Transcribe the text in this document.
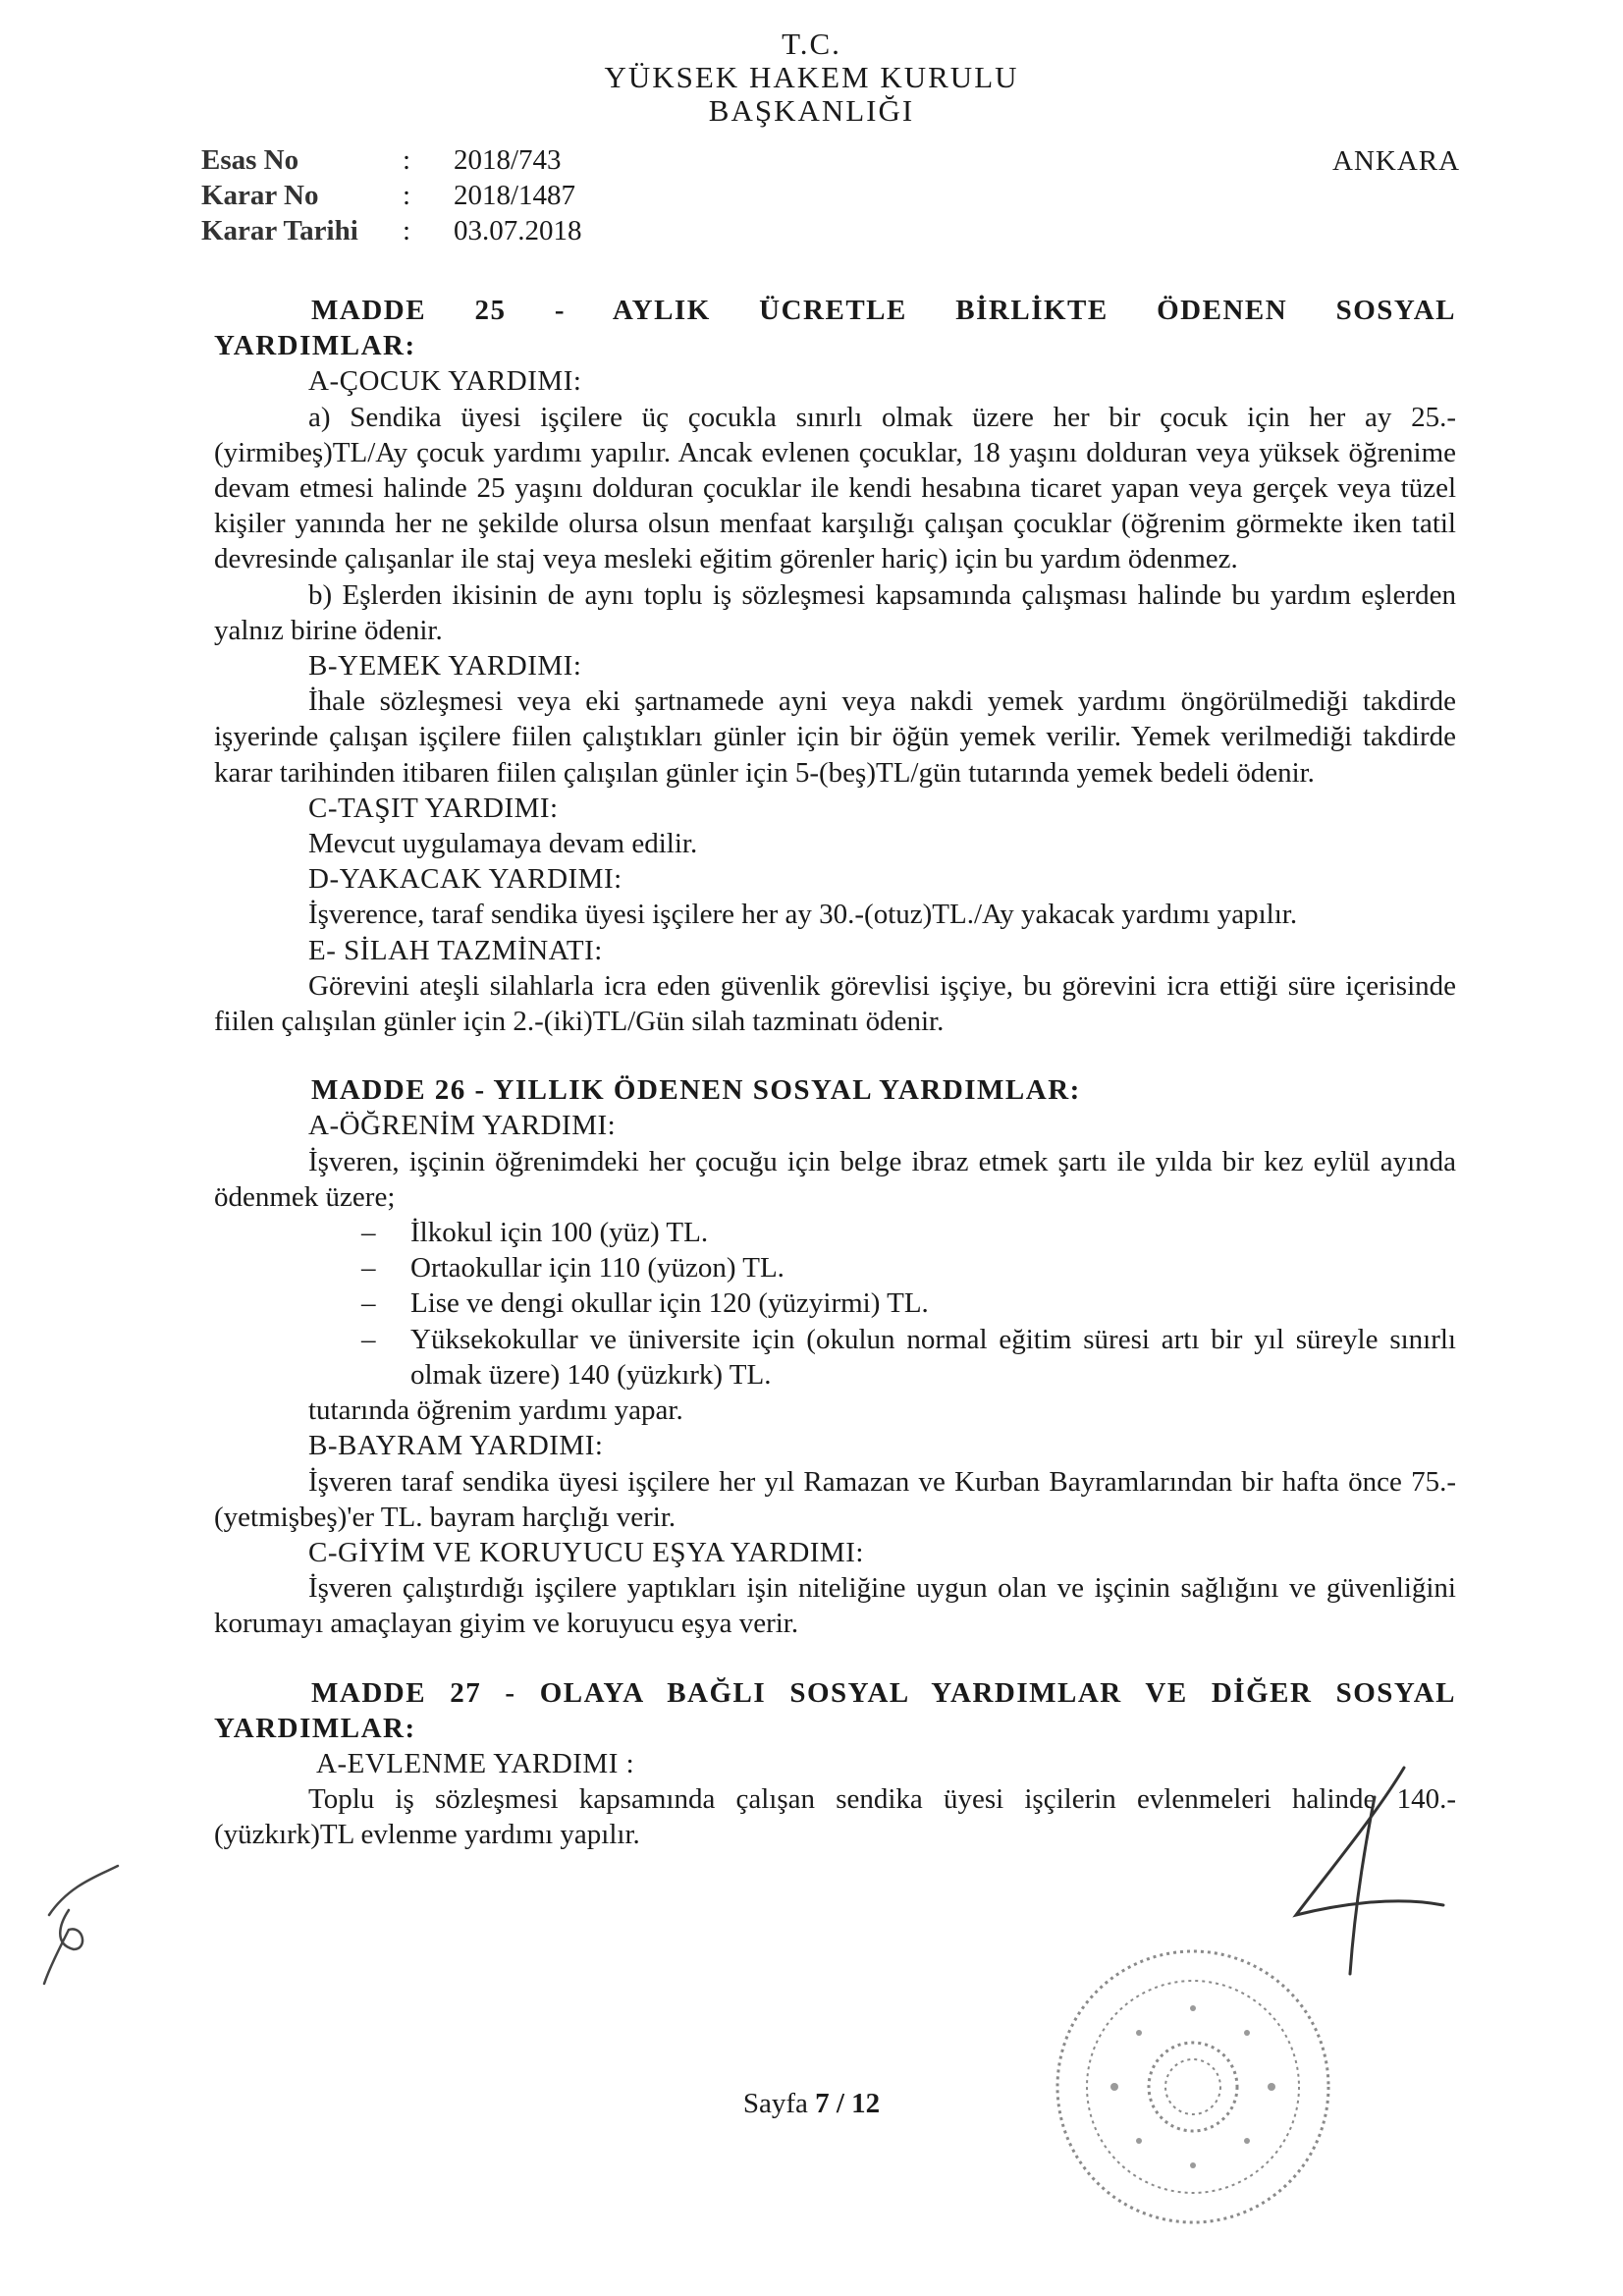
T.C.
YÜKSEK HAKEM KURULU
BAŞKANLIĞI
Esas No	: 2018/743
Karar No	: 2018/1487
Karar Tarihi : 03.07.2018
ANKARA
MADDE 25 - AYLIK ÜCRETLE BİRLİKTE ÖDENEN SOSYAL
YARDIMLAR:
A-ÇOCUK YARDIMI:
a) Sendika üyesi işçilere üç çocukla sınırlı olmak üzere her bir çocuk için her ay 25.-(yirmibeş)TL/Ay çocuk yardımı yapılır. Ancak evlenen çocuklar, 18 yaşını dolduran veya yüksek öğrenime devam etmesi halinde 25 yaşını dolduran çocuklar ile kendi hesabına ticaret yapan veya gerçek veya tüzel kişiler yanında her ne şekilde olursa olsun menfaat karşılığı çalışan çocuklar (öğrenim görmekte iken tatil devresinde çalışanlar ile staj veya mesleki eğitim görenler hariç) için bu yardım ödenmez.
b) Eşlerden ikisinin de aynı toplu iş sözleşmesi kapsamında çalışması halinde bu yardım eşlerden yalnız birine ödenir.
B-YEMEK YARDIMI:
İhale sözleşmesi veya eki şartnamede ayni veya nakdi yemek yardımı öngörülmediği takdirde işyerinde çalışan işçilere fiilen çalıştıkları günler için bir öğün yemek verilir. Yemek verilmediği takdirde karar tarihinden itibaren fiilen çalışılan günler için 5-(beş)TL/gün tutarında yemek bedeli ödenir.
C-TAŞIT YARDIMI:
Mevcut uygulamaya devam edilir.
D-YAKACAK YARDIMI:
İşverence, taraf sendika üyesi işçilere her ay 30.-(otuz)TL./Ay yakacak yardımı yapılır.
E- SİLAH TAZMİNATI:
Görevini ateşli silahlarla icra eden güvenlik görevlisi işçiye, bu görevini icra ettiği süre içerisinde fiilen çalışılan günler için 2.-(iki)TL/Gün silah tazminatı ödenir.
MADDE 26 - YILLIK ÖDENEN SOSYAL YARDIMLAR:
A-ÖĞRENİM YARDIMI:
İşveren, işçinin öğrenimdeki her çocuğu için belge ibraz etmek şartı ile yılda bir kez eylül ayında ödenmek üzere;
– İlkokul için 100 (yüz) TL.
– Ortaokullar için 110 (yüzon) TL.
– Lise ve dengi okullar için 120 (yüzyirmi) TL.
– Yüksekokullar ve üniversite için (okulun normal eğitim süresi artı bir yıl süreyle sınırlı olmak üzere) 140 (yüzkırk) TL.
tutarında öğrenim yardımı yapar.
B-BAYRAM YARDIMI:
İşveren taraf sendika üyesi işçilere her yıl Ramazan ve Kurban Bayramlarından bir hafta önce 75.-(yetmişbeş)'er TL. bayram harçlığı verir.
C-GİYİM VE KORUYUCU EŞYA YARDIMI:
İşveren çalıştırdığı işçilere yaptıkları işin niteliğine uygun olan ve işçinin sağlığını ve güvenliğini korumayı amaçlayan giyim ve koruyucu eşya verir.
MADDE 27 - OLAYA BAĞLI SOSYAL YARDIMLAR VE DİĞER SOSYAL
YARDIMLAR:
A-EVLENME YARDIMI :
Toplu iş sözleşmesi kapsamında çalışan sendika üyesi işçilerin evlenmeleri halinde 140.-(yüzkırk)TL evlenme yardımı yapılır.
Sayfa 7 / 12
